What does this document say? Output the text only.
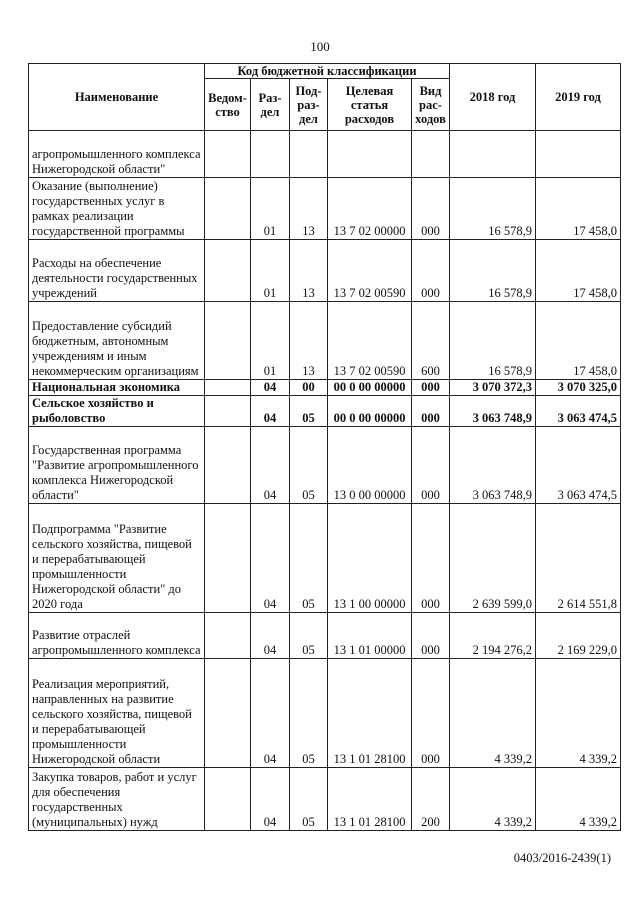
100
Наименование	Код бюджетной классификации					2018 год	2019 год
	Ведом-ство	Раз-дел	Под-раз-дел	Целевая статья расходов	Вид рас-ходов		
агропромышленного комплекса Нижегородской области"							
Оказание (выполнение) государственных услуг в рамках реализации государственной программы		01	13	13 7 02 00000	000	16 578,9	17 458,0
Расходы на обеспечение деятельности государственных учреждений		01	13	13 7 02 00590	000	16 578,9	17 458,0
Предоставление субсидий бюджетным, автономным учреждениям и иным некоммерческим организациям		01	13	13 7 02 00590	600	16 578,9	17 458,0
Национальная экономика		04	00	00 0 00 00000	000	3 070 372,3	3 070 325,0
Сельское хозяйство и рыболовство		04	05	00 0 00 00000	000	3 063 748,9	3 063 474,5
Государственная программа "Развитие агропромышленного комплекса Нижегородской области"		04	05	13 0 00 00000	000	3 063 748,9	3 063 474,5
Подпрограмма "Развитие сельского хозяйства, пищевой и перерабатывающей промышленности Нижегородской области" до 2020 года		04	05	13 1 00 00000	000	2 639 599,0	2 614 551,8
Развитие отраслей агропромышленного комплекса		04	05	13 1 01 00000	000	2 194 276,2	2 169 229,0
Реализация мероприятий, направленных на развитие сельского хозяйства, пищевой и перерабатывающей промышленности Нижегородской области		04	05	13 1 01 28100	000	4 339,2	4 339,2
Закупка товаров, работ и услуг для обеспечения государственных (муниципальных) нужд		04	05	13 1 01 28100	200	4 339,2	4 339,2
0403/2016-2439(1)
